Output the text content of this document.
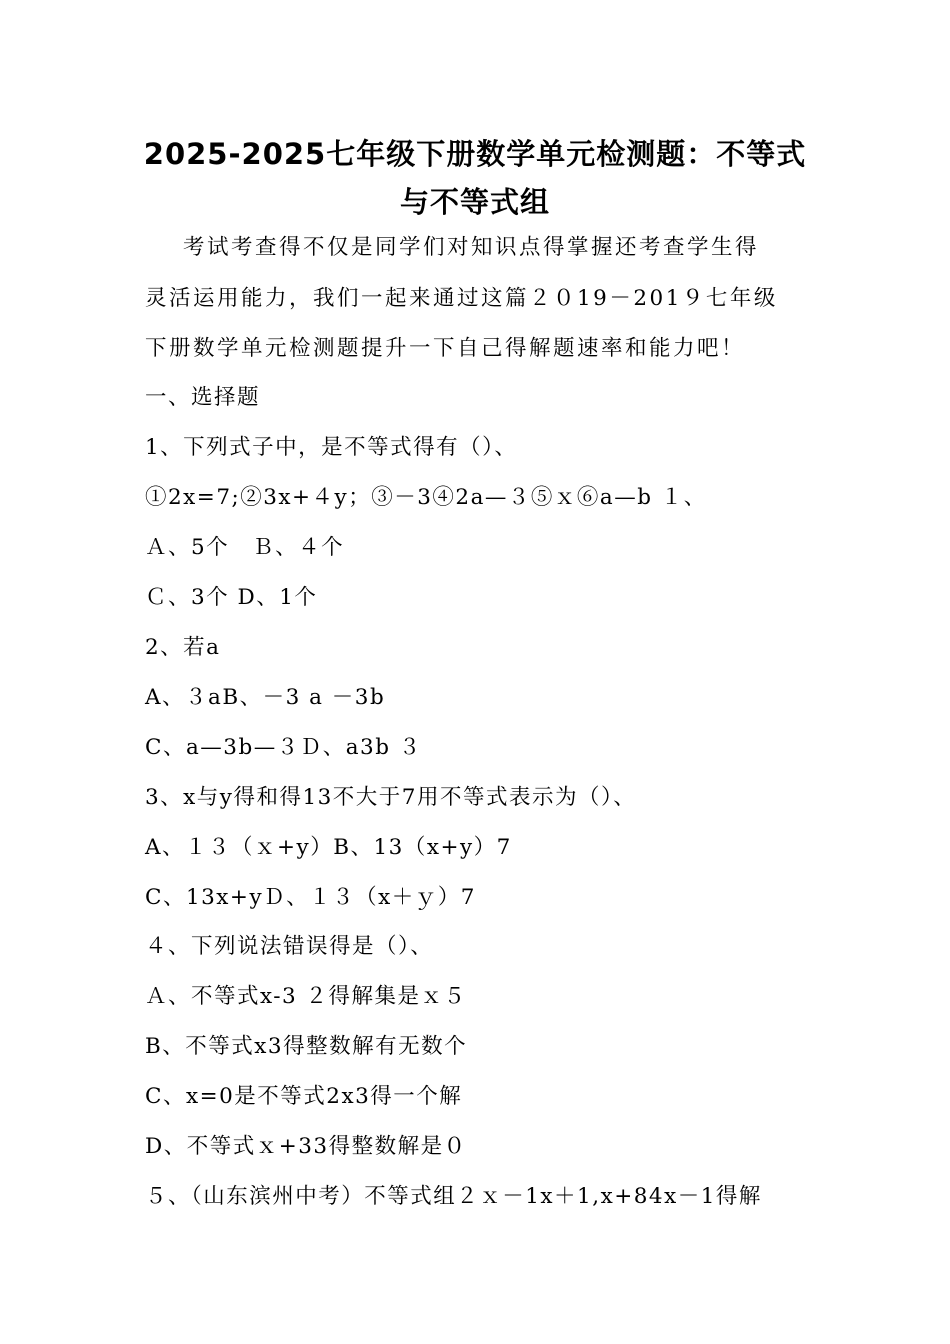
2025-2025七年级下册数学单元检测题：不等式
与不等式组
考试考查得不仅是同学们对知识点得掌握还考查学生得
灵活运用能力，我们一起来通过这篇２０19－201９七年级
下册数学单元检测题提升一下自己得解题速率和能力吧！
一、选择题
1、下列式子中，是不等式得有（）、
①2x=7;②3x+４y；③－3④2a—３⑤ｘ⑥a—b １、
Ａ、5个　Ｂ、４个
Ｃ、3个 D、1个
2、若a
A、３aB、－3 a －3b
C、a—3b—３Ｄ、a3b ３
3、x与y得和得13不大于7用不等式表示为（）、
A、１３（ｘ+y）B、13（x+y）7
C、13x+yＤ、１３（x＋ｙ）7
４、下列说法错误得是（）、
Ａ、不等式x-3 ２得解集是ｘ５
B、不等式x3得整数解有无数个
C、x=0是不等式2x3得一个解
D、不等式ｘ+33得整数解是０
５、（山东滨州中考）不等式组２ｘ－1x＋1,x+84x－1得解
